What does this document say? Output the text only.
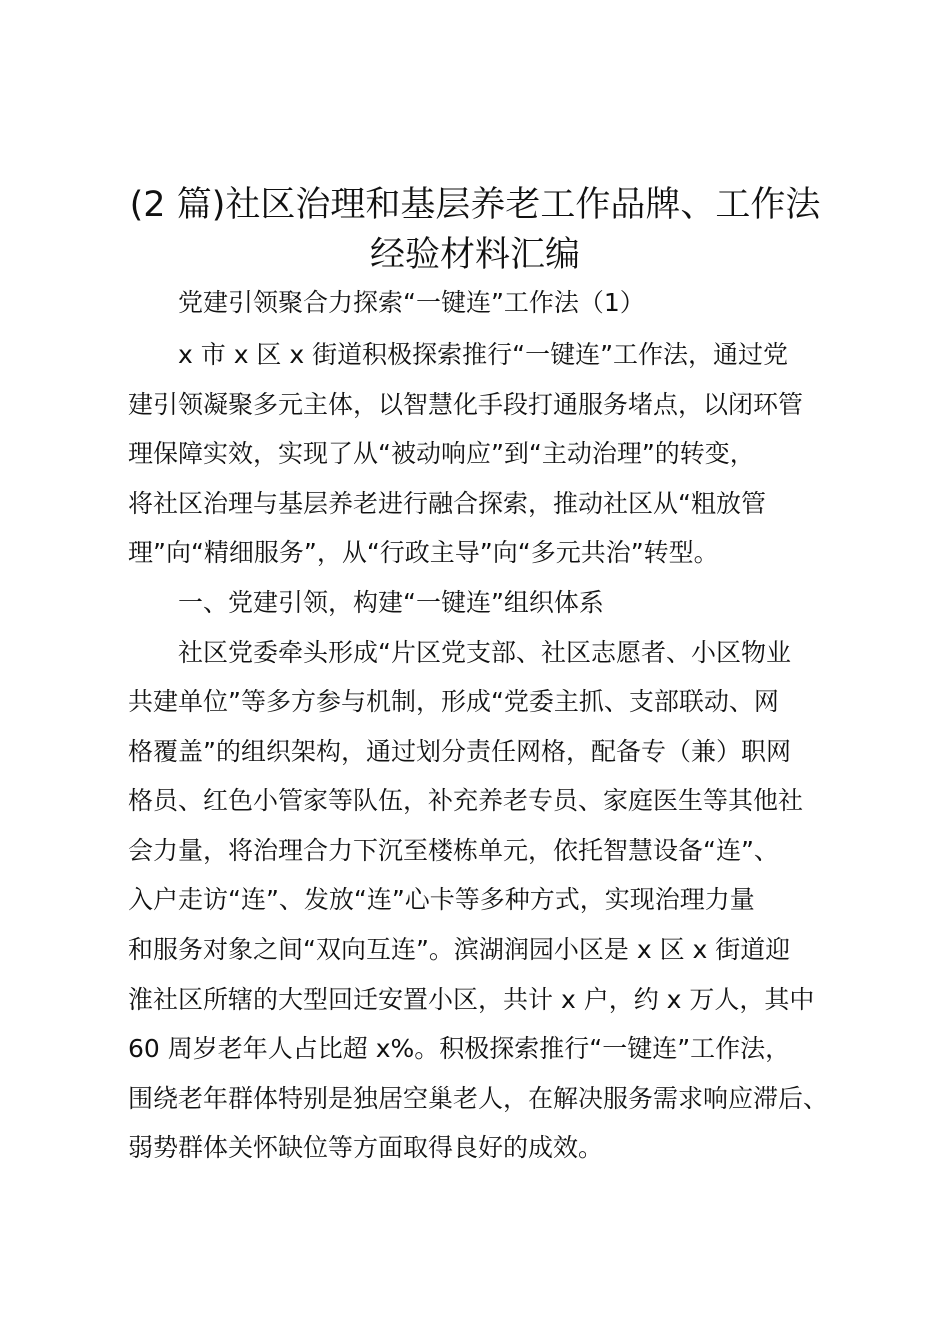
(2 篇)社区治理和基层养老工作品牌、工作法
经验材料汇编
党建引领聚合力探索“一键连”工作法（1）
x 市 x 区 x 街道积极探索推行“一键连”工作法，通过党
建引领凝聚多元主体，以智慧化手段打通服务堵点，以闭环管
理保障实效，实现了从“被动响应”到“主动治理”的转变，
将社区治理与基层养老进行融合探索，推动社区从“粗放管
理”向“精细服务”，从“行政主导”向“多元共治”转型。
一、党建引领，构建“一键连”组织体系
社区党委牵头形成“片区党支部、社区志愿者、小区物业
共建单位”等多方参与机制，形成“党委主抓、支部联动、网
格覆盖”的组织架构，通过划分责任网格，配备专（兼）职网
格员、红色小管家等队伍，补充养老专员、家庭医生等其他社
会力量，将治理合力下沉至楼栋单元，依托智慧设备“连”、
入户走访“连”、发放“连”心卡等多种方式，实现治理力量
和服务对象之间“双向互连”。滨湖润园小区是 x 区 x 街道迎
淮社区所辖的大型回迁安置小区，共计 x 户，约 x 万人，其中
60 周岁老年人占比超 x%。积极探索推行“一键连”工作法，
围绕老年群体特别是独居空巢老人，在解决服务需求响应滞后、
弱势群体关怀缺位等方面取得良好的成效。
